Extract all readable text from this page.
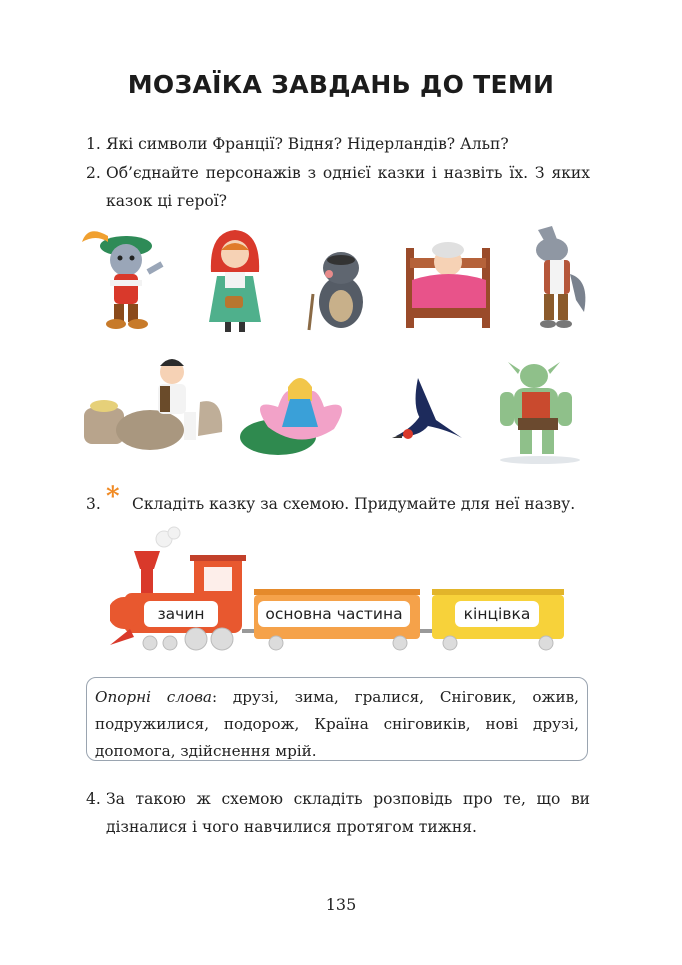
МОЗАЇКА ЗАВДАНЬ ДО ТЕМИ
1. Які символи Франції? Відня? Нідерландів? Альп?
2. Об’єднайте персонажів з однієї казки і назвіть їх. З яких казок ці герої?
3. Складіть казку за схемою. Придумайте для неї назву.
*
зачин	основна частина	кінцівка
Опорні слова: друзі, зима, гралися, Сніговик, ожив, подружилися, подорож, Країна сніговиків, нові друзі, допомога, здійснення мрій.
4. За такою ж схемою складіть розповідь про те, що ви дізналися і чого навчилися протягом тижня.
135
